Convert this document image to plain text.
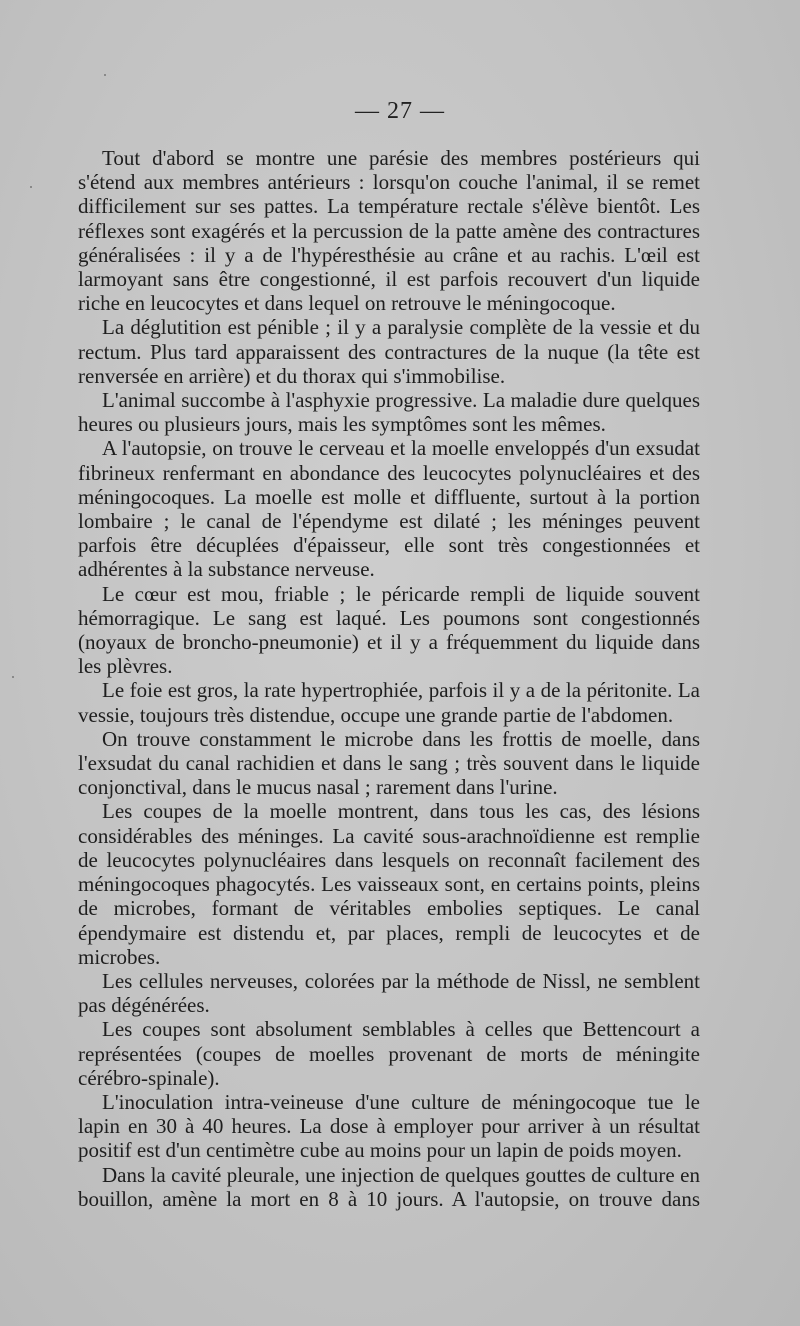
— 27 —

Tout d'abord se montre une parésie des membres postérieurs qui s'étend aux membres antérieurs : lorsqu'on couche l'animal, il se remet difficilement sur ses pattes. La température rectale s'élève bientôt. Les réflexes sont exagérés et la percussion de la patte amène des contractures généralisées : il y a de l'hypéresthésie au crâne et au rachis. L'œil est larmoyant sans être congestionné, il est parfois recouvert d'un liquide riche en leucocytes et dans lequel on retrouve le méningocoque.

La déglutition est pénible ; il y a paralysie complète de la vessie et du rectum. Plus tard apparaissent des contractures de la nuque (la tête est renversée en arrière) et du thorax qui s'immobilise.

L'animal succombe à l'asphyxie progressive. La maladie dure quelques heures ou plusieurs jours, mais les symptômes sont les mêmes.

A l'autopsie, on trouve le cerveau et la moelle enveloppés d'un exsudat fibrineux renfermant en abondance des leucocytes polynucléaires et des méningocoques. La moelle est molle et diffluente, surtout à la portion lombaire ; le canal de l'épendyme est dilaté ; les méninges peuvent parfois être décuplées d'épaisseur, elle sont très congestionnées et adhérentes à la substance nerveuse.

Le cœur est mou, friable ; le péricarde rempli de liquide souvent hémorragique. Le sang est laqué. Les poumons sont congestionnés (noyaux de broncho-pneumonie) et il y a fréquemment du liquide dans les plèvres.

Le foie est gros, la rate hypertrophiée, parfois il y a de la péritonite. La vessie, toujours très distendue, occupe une grande partie de l'abdomen.

On trouve constamment le microbe dans les frottis de moelle, dans l'exsudat du canal rachidien et dans le sang ; très souvent dans le liquide conjonctival, dans le mucus nasal ; rarement dans l'urine.

Les coupes de la moelle montrent, dans tous les cas, des lésions considérables des méninges. La cavité sous-arachnoïdienne est remplie de leucocytes polynucléaires dans lesquels on reconnaît facilement des méningocoques phagocytés. Les vaisseaux sont, en certains points, pleins de microbes, formant de véritables embolies septiques. Le canal épendymaire est distendu et, par places, rempli de leucocytes et de microbes.

Les cellules nerveuses, colorées par la méthode de Nissl, ne semblent pas dégénérées.

Les coupes sont absolument semblables à celles que Bettencourt a représentées (coupes de moelles provenant de morts de méningite cérébro-spinale).

L'inoculation intra-veineuse d'une culture de méningocoque tue le lapin en 30 à 40 heures. La dose à employer pour arriver à un résultat positif est d'un centimètre cube au moins pour un lapin de poids moyen.

Dans la cavité pleurale, une injection de quelques gouttes de culture en bouillon, amène la mort en 8 à 10 jours. A l'autopsie, on trouve dans
